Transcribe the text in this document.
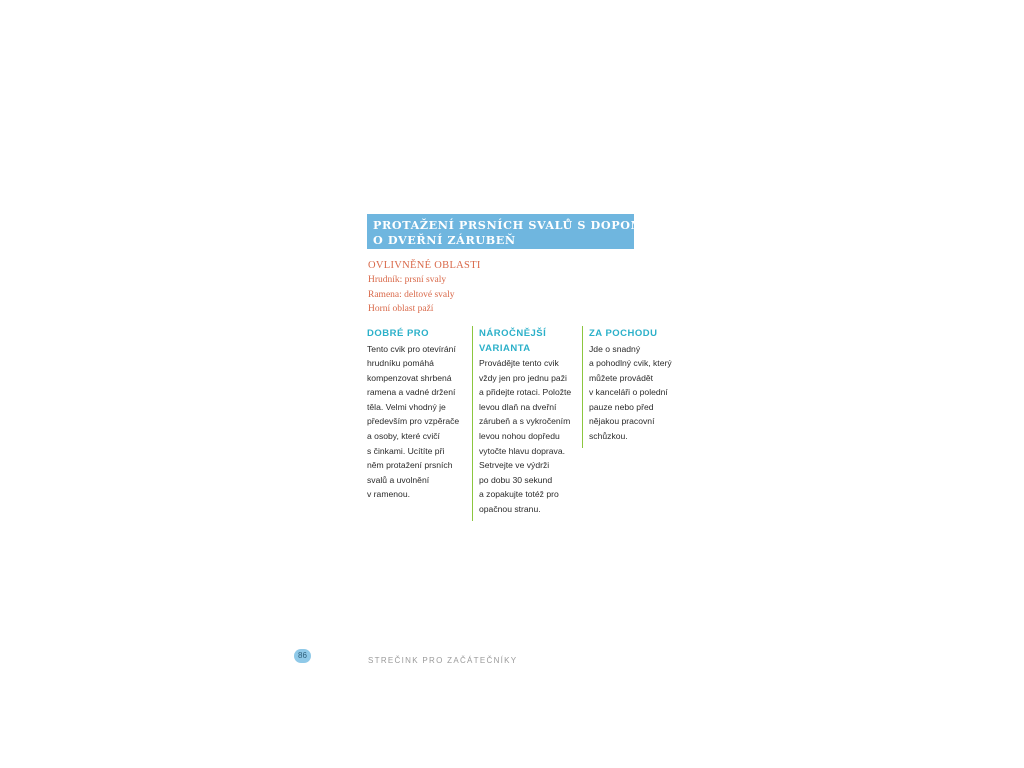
PROTAŽENÍ PRSNÍCH SVALŮ S DOPOMOCÍ
O DVEŘNÍ ZÁRUBEŇ
OVLIVNĚNÉ OBLASTI
Hrudník: prsní svaly
Ramena: deltové svaly
Horní oblast paží
DOBRÉ PRO
Tento cvik pro otevírání
hrudníku pomáhá
kompenzovat shrbená
ramena a vadné držení
těla. Velmi vhodný je
především pro vzpěrače
a osoby, které cvičí
s činkami. Ucítíte při
něm protažení prsních
svalů a uvolnění
v ramenou.
NÁROČNĚJŠÍ
VARIANTA
Provádějte tento cvik
vždy jen pro jednu paži
a přidejte rotaci. Položte
levou dlaň na dveřní
zárubeň a s vykročením
levou nohou dopředu
vytočte hlavu doprava.
Setrvejte ve výdrži
po dobu 30 sekund
a zopakujte totéž pro
opačnou stranu.
ZA POCHODU
Jde o snadný
a pohodlný cvik, který
můžete provádět
v kanceláři o polední
pauze nebo před
nějakou pracovní
schůzkou.
86
STREČINK PRO ZAČÁTEČNÍKY
